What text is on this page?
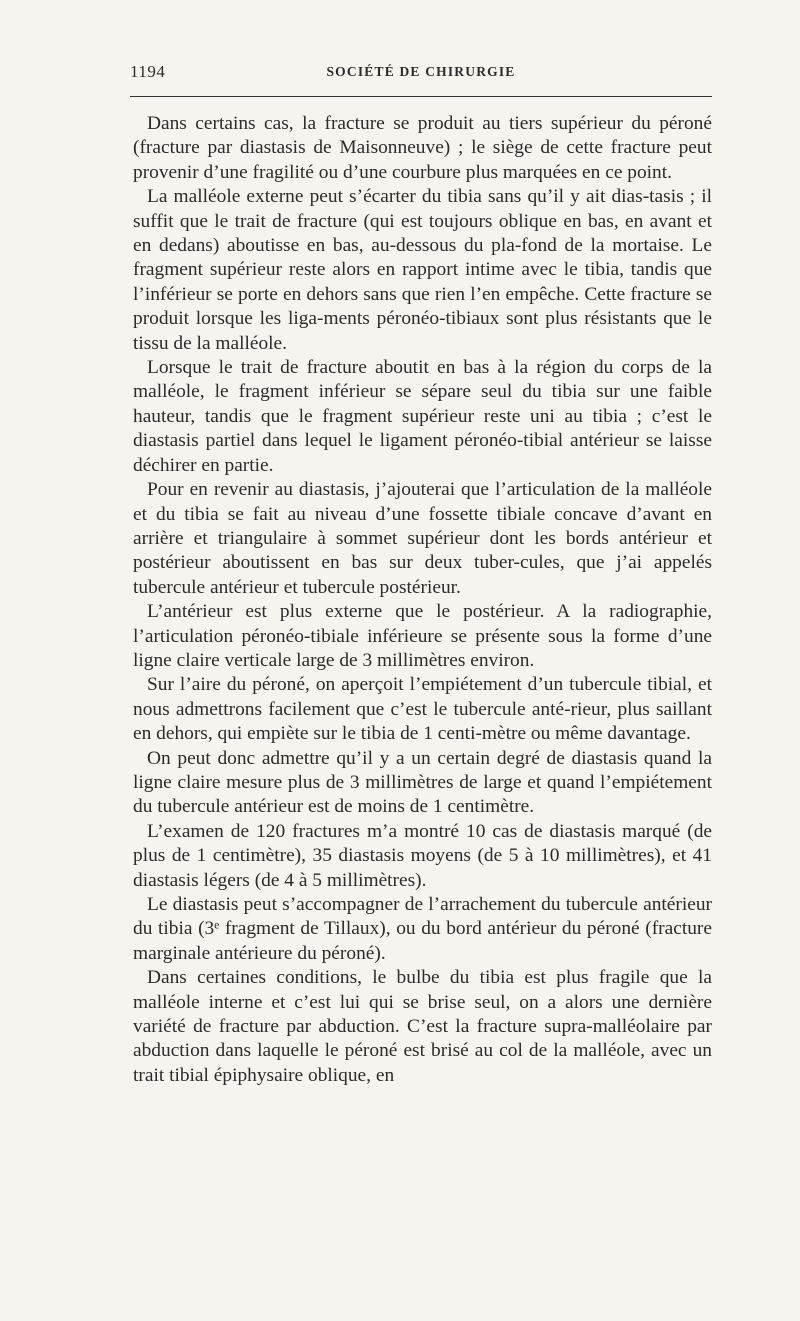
1194	SOCIÉTÉ DE CHIRURGIE

Dans certains cas, la fracture se produit au tiers supérieur du péroné (fracture par diastasis de Maisonneuve) ; le siège de cette fracture peut provenir d’une fragilité ou d’une courbure plus marquées en ce point.

La malléole externe peut s’écarter du tibia sans qu’il y ait dias-tasis ; il suffit que le trait de fracture (qui est toujours oblique en bas, en avant et en dedans) aboutisse en bas, au-dessous du pla-fond de la mortaise. Le fragment supérieur reste alors en rapport intime avec le tibia, tandis que l’inférieur se porte en dehors sans que rien l’en empêche. Cette fracture se produit lorsque les liga-ments péronéo-tibiaux sont plus résistants que le tissu de la malléole.

Lorsque le trait de fracture aboutit en bas à la région du corps de la malléole, le fragment inférieur se sépare seul du tibia sur une faible hauteur, tandis que le fragment supérieur reste uni au tibia ; c’est le diastasis partiel dans lequel le ligament péronéo-tibial antérieur se laisse déchirer en partie.

Pour en revenir au diastasis, j’ajouterai que l’articulation de la malléole et du tibia se fait au niveau d’une fossette tibiale concave d’avant en arrière et triangulaire à sommet supérieur dont les bords antérieur et postérieur aboutissent en bas sur deux tuber-cules, que j’ai appelés tubercule antérieur et tubercule postérieur.

L’antérieur est plus externe que le postérieur. A la radiographie, l’articulation péronéo-tibiale inférieure se présente sous la forme d’une ligne claire verticale large de 3 millimètres environ.

Sur l’aire du péroné, on aperçoit l’empiétement d’un tubercule tibial, et nous admettrons facilement que c’est le tubercule anté-rieur, plus saillant en dehors, qui empiète sur le tibia de 1 centi-mètre ou même davantage.

On peut donc admettre qu’il y a un certain degré de diastasis quand la ligne claire mesure plus de 3 millimètres de large et quand l’empiétement du tubercule antérieur est de moins de 1 centimètre.

L’examen de 120 fractures m’a montré 10 cas de diastasis marqué (de plus de 1 centimètre), 35 diastasis moyens (de 5 à 10 millimètres), et 41 diastasis légers (de 4 à 5 millimètres).

Le diastasis peut s’accompagner de l’arrachement du tubercule antérieur du tibia (3ᵉ fragment de Tillaux), ou du bord antérieur du péroné (fracture marginale antérieure du péroné).

Dans certaines conditions, le bulbe du tibia est plus fragile que la malléole interne et c’est lui qui se brise seul, on a alors une dernière variété de fracture par abduction. C’est la fracture supra-malléolaire par abduction dans laquelle le péroné est brisé au col de la malléole, avec un trait tibial épiphysaire oblique, en
